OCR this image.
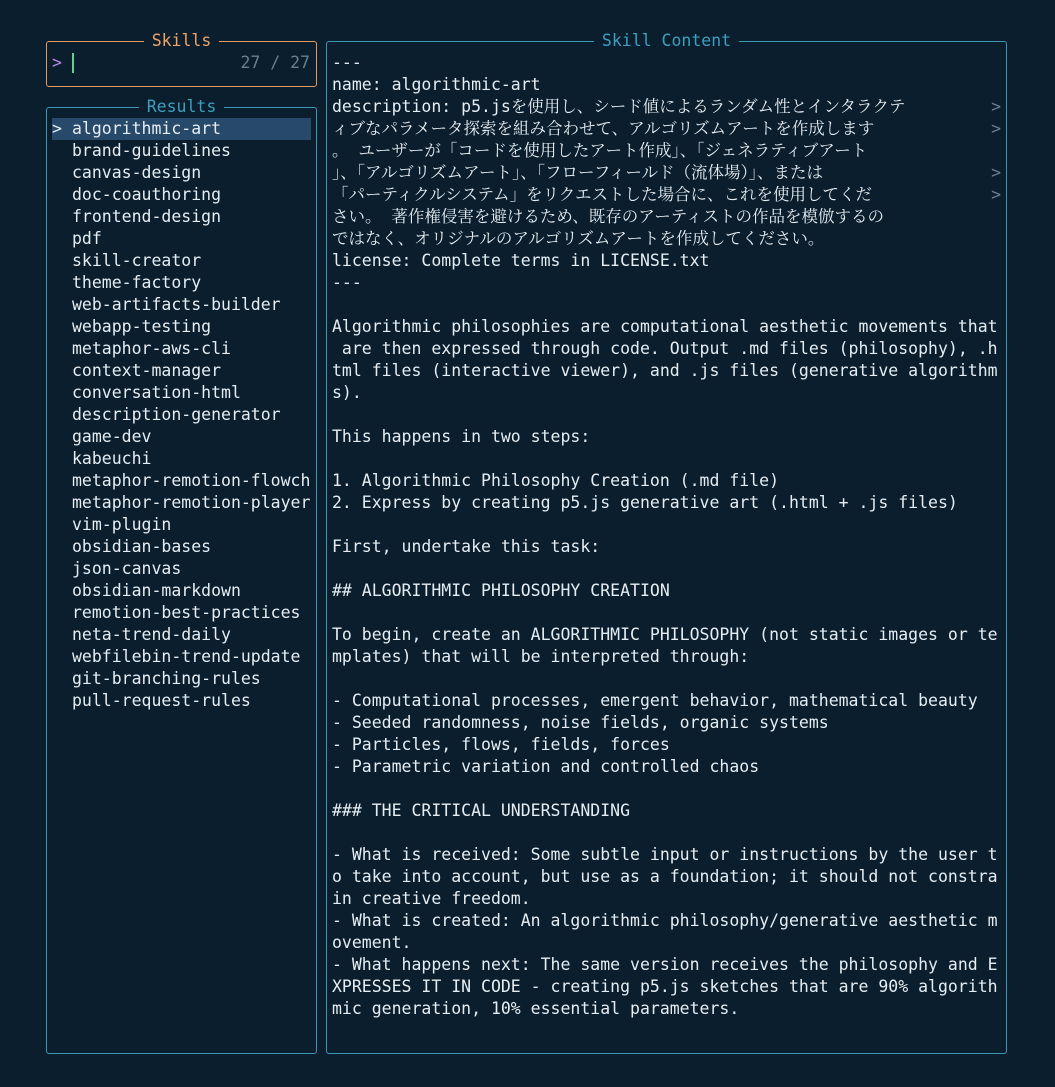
Skills
>	27 / 27
Results
> algorithmic-art
brand-guidelines
canvas-design
doc-coauthoring
frontend-design
pdf
skill-creator
theme-factory
web-artifacts-builder
webapp-testing
metaphor-aws-cli
context-manager
conversation-html
description-generator
game-dev
kabeuchi
metaphor-remotion-flowch
metaphor-remotion-player
vim-plugin
obsidian-bases
json-canvas
obsidian-markdown
remotion-best-practices
neta-trend-daily
webfilebin-trend-update
git-branching-rules
pull-request-rules
Skill Content
---
name: algorithmic-art
description: p5.jsを使用し、シード値によるランダム性とインタラクテ	>
ィブなパラメータ探索を組み合わせて、アルゴリズムアートを作成します	>
。 ユーザーが「コードを使用したアート作成」、「ジェネラティブアート
」、「アルゴリズムアート」、「フローフィールド（流体場）」、または	>
「パーティクルシステム」をリクエストした場合に、これを使用してくだ	>
さい。 著作権侵害を避けるため、既存のアーティストの作品を模倣するの
ではなく、オリジナルのアルゴリズムアートを作成してください。
license: Complete terms in LICENSE.txt
---
Algorithmic philosophies are computational aesthetic movements that
are then expressed through code. Output .md files (philosophy), .h
tml files (interactive viewer), and .js files (generative algorithm
s).
This happens in two steps:
1. Algorithmic Philosophy Creation (.md file)
2. Express by creating p5.js generative art (.html + .js files)
First, undertake this task:
## ALGORITHMIC PHILOSOPHY CREATION
To begin, create an ALGORITHMIC PHILOSOPHY (not static images or te
mplates) that will be interpreted through:
- Computational processes, emergent behavior, mathematical beauty
- Seeded randomness, noise fields, organic systems
- Particles, flows, fields, forces
- Parametric variation and controlled chaos
### THE CRITICAL UNDERSTANDING
- What is received: Some subtle input or instructions by the user t
o take into account, but use as a foundation; it should not constra
in creative freedom.
- What is created: An algorithmic philosophy/generative aesthetic m
ovement.
- What happens next: The same version receives the philosophy and E
XPRESSES IT IN CODE - creating p5.js sketches that are 90% algorith
mic generation, 10% essential parameters.
